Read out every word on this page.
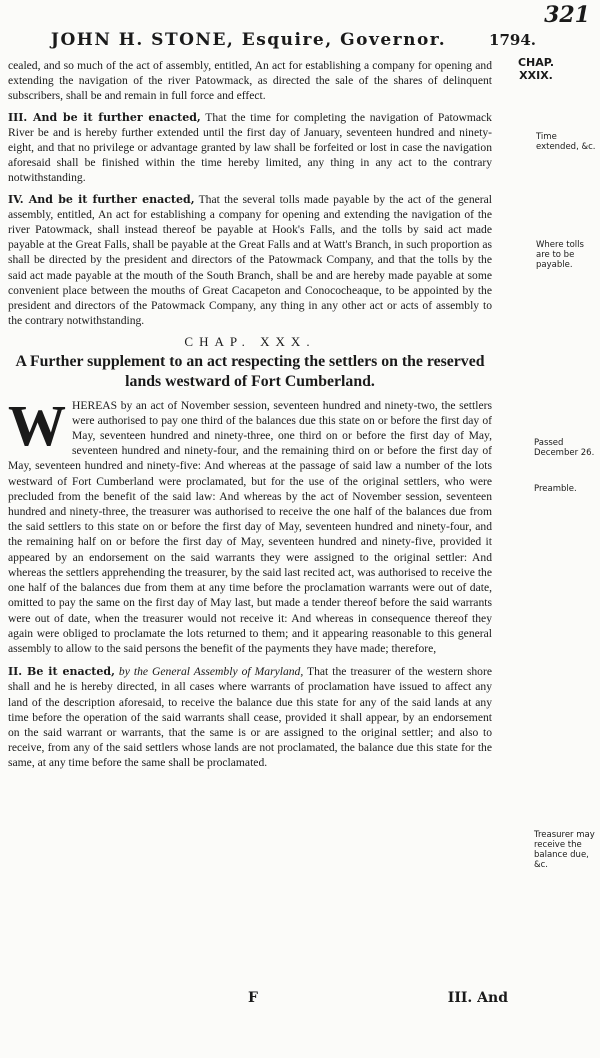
321
JOHN H. STONE, Esquire, Governor.	1794.
CHAP. XXIX.
Time extended, &c.
Where tolls are to be payable.
Passed December 26.
Preamble.
Treasurer may receive the balance due, &c.

cealed, and so much of the act of assembly, entitled, An act for establishing a company for opening and extending the navigation of the river Patowmack, as directed the sale of the shares of delinquent subscribers, shall be and remain in full force and effect.

III. And be it further enacted, That the time for completing the navigation of Patowmack River be and is hereby further extended until the first day of January, seventeen hundred and ninety-eight, and that no privilege or advantage granted by law shall be forfeited or lost in case the navigation aforesaid shall be finished within the time hereby limited, any thing in any act to the contrary notwithstanding.

IV. And be it further enacted, That the several tolls made payable by the act of the general assembly, entitled, An act for establishing a company for opening and extending the navigation of the river Patowmack, shall instead thereof be payable at Hook's Falls, and the tolls by said act made payable at the Great Falls, shall be payable at the Great Falls and at Watt's Branch, in such proportion as shall be directed by the president and directors of the Patowmack Company, and that the tolls by the said act made payable at the mouth of the South Branch, shall be and are hereby made payable at some convenient place between the mouths of Great Cacapeton and Conococheaque, to be appointed by the president and directors of the Patowmack Company, any thing in any other act or acts of assembly to the contrary notwithstanding.

CHAP. XXX.
A Further supplement to an act respecting the settlers on the reserved lands westward of Fort Cumberland.

WHEREAS by an act of November session, seventeen hundred and ninety-two, the settlers were authorised to pay one third of the balances due this state on or before the first day of May, seventeen hundred and ninety-three, one third on or before the first day of May, seventeen hundred and ninety-four, and the remaining third on or before the first day of May, seventeen hundred and ninety-five: And whereas at the passage of said law a number of the lots westward of Fort Cumberland were proclamated, but for the use of the original settlers, who were precluded from the benefit of the said law: And whereas by the act of November session, seventeen hundred and ninety-three, the treasurer was authorised to receive the one half of the balances due from the said settlers to this state on or before the first day of May, seventeen hundred and ninety-four, and the remaining half on or before the first day of May, seventeen hundred and ninety-five, provided it appeared by an endorsement on the said warrants they were assigned to the original settler: And whereas the settlers apprehending the treasurer, by the said last recited act, was authorised to receive the one half of the balances due from them at any time before the proclamation warrants were out of date, omitted to pay the same on the first day of May last, but made a tender thereof before the said warrants were out of date, when the treasurer would not receive it: And whereas in consequence thereof they again were obliged to proclamate the lots returned to them; and it appearing reasonable to this general assembly to allow to the said persons the benefit of the payments they have made; therefore,

II. Be it enacted, by the General Assembly of Maryland, That the treasurer of the western shore shall and he is hereby directed, in all cases where warrants of proclamation have issued to affect any land of the description aforesaid, to receive the balance due this state for any of the said lands at any time before the operation of the said warrants shall cease, provided it shall appear, by an endorsement on the said warrant or warrants, that the same is or are assigned to the original settler; and also to receive, from any of the said settlers whose lands are not proclamated, the balance due this state for the same, at any time before the same shall be proclamated.

F	III. And
